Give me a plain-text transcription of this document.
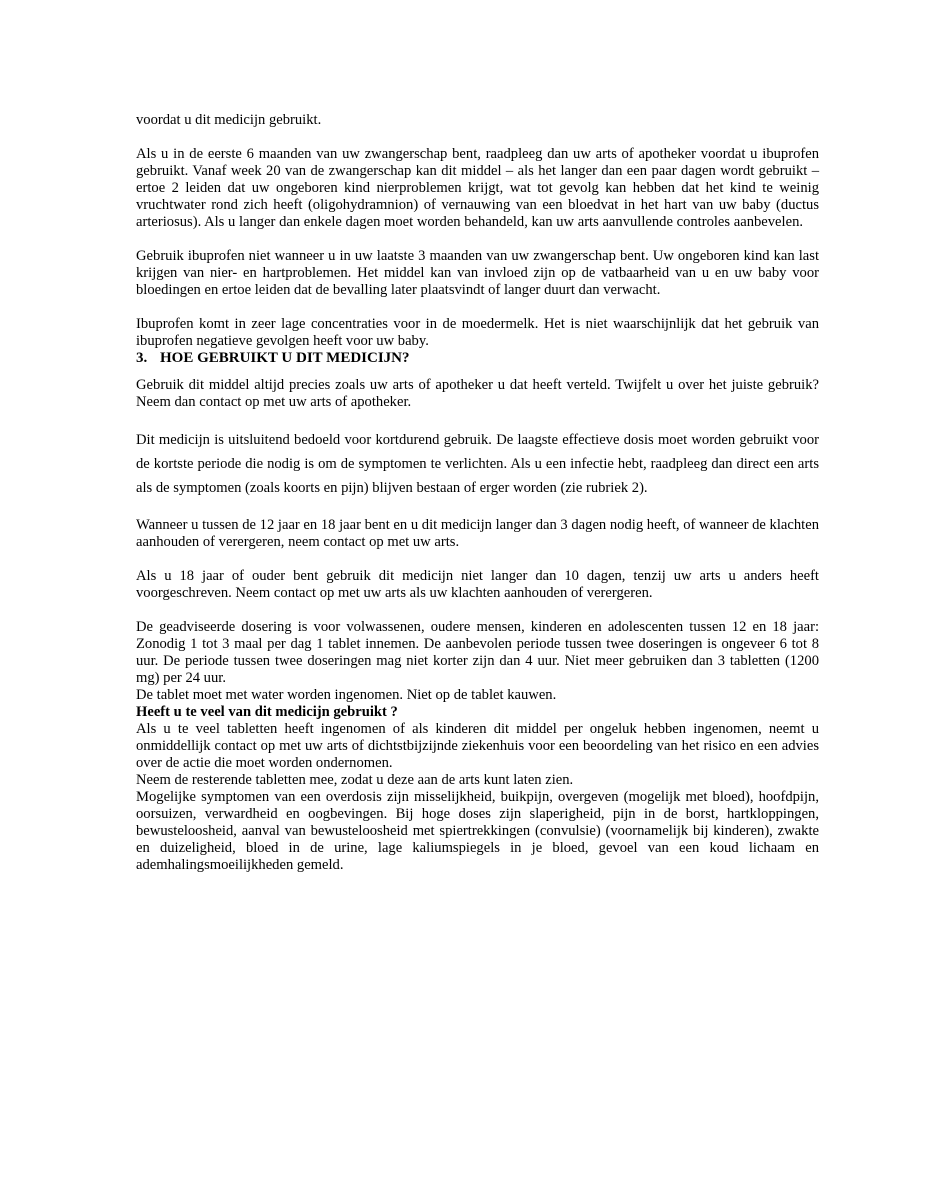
voordat u dit medicijn gebruikt.

Als u in de eerste 6 maanden van uw zwangerschap bent, raadpleeg dan uw arts of apotheker voordat u ibuprofen gebruikt. Vanaf week 20 van de zwangerschap kan dit middel – als het langer dan een paar dagen wordt gebruikt – ertoe 2 leiden dat uw ongeboren kind nierproblemen krijgt, wat tot gevolg kan hebben dat het kind te weinig vruchtwater rond zich heeft (oligohydramnion) of vernauwing van een bloedvat in het hart van uw baby (ductus arteriosus). Als u langer dan enkele dagen moet worden behandeld, kan uw arts aanvullende controles aanbevelen.

Gebruik ibuprofen niet wanneer u in uw laatste 3 maanden van uw zwangerschap bent. Uw ongeboren kind kan last krijgen van nier- en hartproblemen. Het middel kan van invloed zijn op de vatbaarheid van u en uw baby voor bloedingen en ertoe leiden dat de bevalling later plaatsvindt of langer duurt dan verwacht.

Ibuprofen komt in zeer lage concentraties voor in de moedermelk. Het is niet waarschijnlijk dat het gebruik van ibuprofen negatieve gevolgen heeft voor uw baby.

3. HOE GEBRUIKT U DIT MEDICIJN?

Gebruik dit middel altijd precies zoals uw arts of apotheker u dat heeft verteld. Twijfelt u over het juiste gebruik? Neem dan contact op met uw arts of apotheker.

Dit medicijn is uitsluitend bedoeld voor kortdurend gebruik. De laagste effectieve dosis moet worden gebruikt voor de kortste periode die nodig is om de symptomen te verlichten. Als u een infectie hebt, raadpleeg dan direct een arts als de symptomen (zoals koorts en pijn) blijven bestaan of erger worden (zie rubriek 2).

Wanneer u tussen de 12 jaar en 18 jaar bent en u dit medicijn langer dan 3 dagen nodig heeft, of wanneer de klachten aanhouden of verergeren, neem contact op met uw arts.

Als u 18 jaar of ouder bent gebruik dit medicijn niet langer dan 10 dagen, tenzij uw arts u anders heeft voorgeschreven. Neem contact op met uw arts als uw klachten aanhouden of verergeren.

De geadviseerde dosering is voor volwassenen, oudere mensen, kinderen en adolescenten tussen 12 en 18 jaar: Zonodig 1 tot 3 maal per dag 1 tablet innemen. De aanbevolen periode tussen twee doseringen is ongeveer 6 tot 8 uur. De periode tussen twee doseringen mag niet korter zijn dan 4 uur. Niet meer gebruiken dan 3 tabletten (1200 mg) per 24 uur.

De tablet moet met water worden ingenomen. Niet op de tablet kauwen.

Heeft u te veel van dit medicijn gebruikt ?

Als u te veel tabletten heeft ingenomen of als kinderen dit middel per ongeluk hebben ingenomen, neemt u onmiddellijk contact op met uw arts of dichtstbijzijnde ziekenhuis voor een beoordeling van het risico en een advies over de actie die moet worden ondernomen.

Neem de resterende tabletten mee, zodat u deze aan de arts kunt laten zien.

Mogelijke symptomen van een overdosis zijn misselijkheid, buikpijn, overgeven (mogelijk met bloed), hoofdpijn, oorsuizen, verwardheid en oogbevingen. Bij hoge doses zijn slaperigheid, pijn in de borst, hartkloppingen, bewusteloosheid, aanval van bewusteloosheid met spiertrekkingen (convulsie) (voornamelijk bij kinderen), zwakte en duizeligheid, bloed in de urine, lage kaliumspiegels in je bloed, gevoel van een koud lichaam en ademhalingsmoeilijkheden gemeld.
